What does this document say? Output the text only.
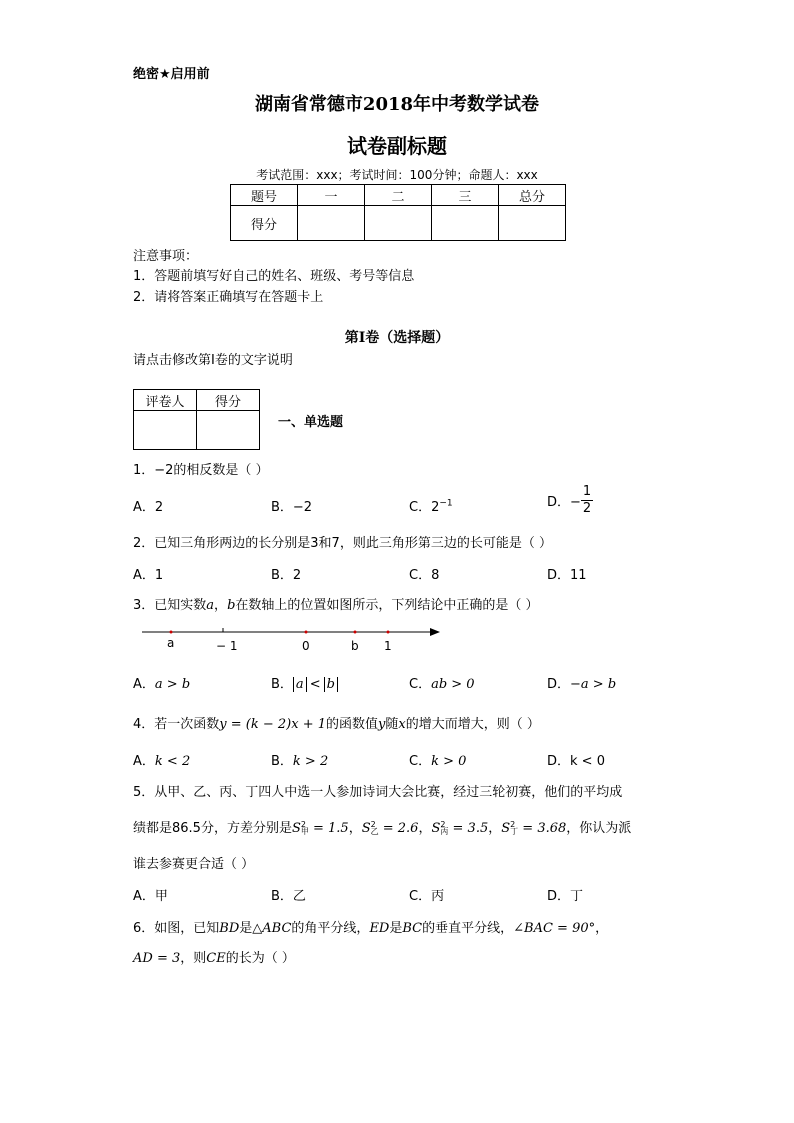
绝密★启用前
湖南省常德市2018年中考数学试卷
试卷副标题
考试范围：xxx；考试时间：100分钟；命题人：xxx
题号	一	二	三	总分
得分				
注意事项：
1．答题前填写好自己的姓名、班级、考号等信息
2．请将答案正确填写在答题卡上
第I卷（选择题）
请点击修改第I卷的文字说明
评卷人	得分

一、单选题
1．−2的相反数是（ ）
A．2	B．−2	C．$2^{-1}$	D．− $\frac{1}{2}$
2．已知三角形两边的长分别是3和7，则此三角形第三边的长可能是（ ）
A．1	B．2	C．8	D．11
3．已知实数a，b在数轴上的位置如图所示，下列结论中正确的是（ ）
a	− 1	0	b 1
A．a > b	B． a < b	C．ab > 0	D．−a > b
4．若一次函数y = (k − 2)x + 1的函数值y随x的增大而增大，则（ ）
A．k < 2	B．k > 2	C．k > 0	D．k < 0
5．从甲、乙、丙、丁四人中选一人参加诗词大会比赛，经过三轮初赛，他们的平均成
绩都是86.5分，方差分别是S 2
甲 = 1.5，S 2
乙 = 2.6，S 2
丙 = 3.5，S 2
丁 = 3.68，你认为派
谁去参赛更合适（ ）
A．甲	B．乙	C．丙	D．丁
6．如图，已知BD是△ABC的角平分线，ED是BC的垂直平分线，∠BAC = 90°，
AD = 3，则CE的长为（ ）
